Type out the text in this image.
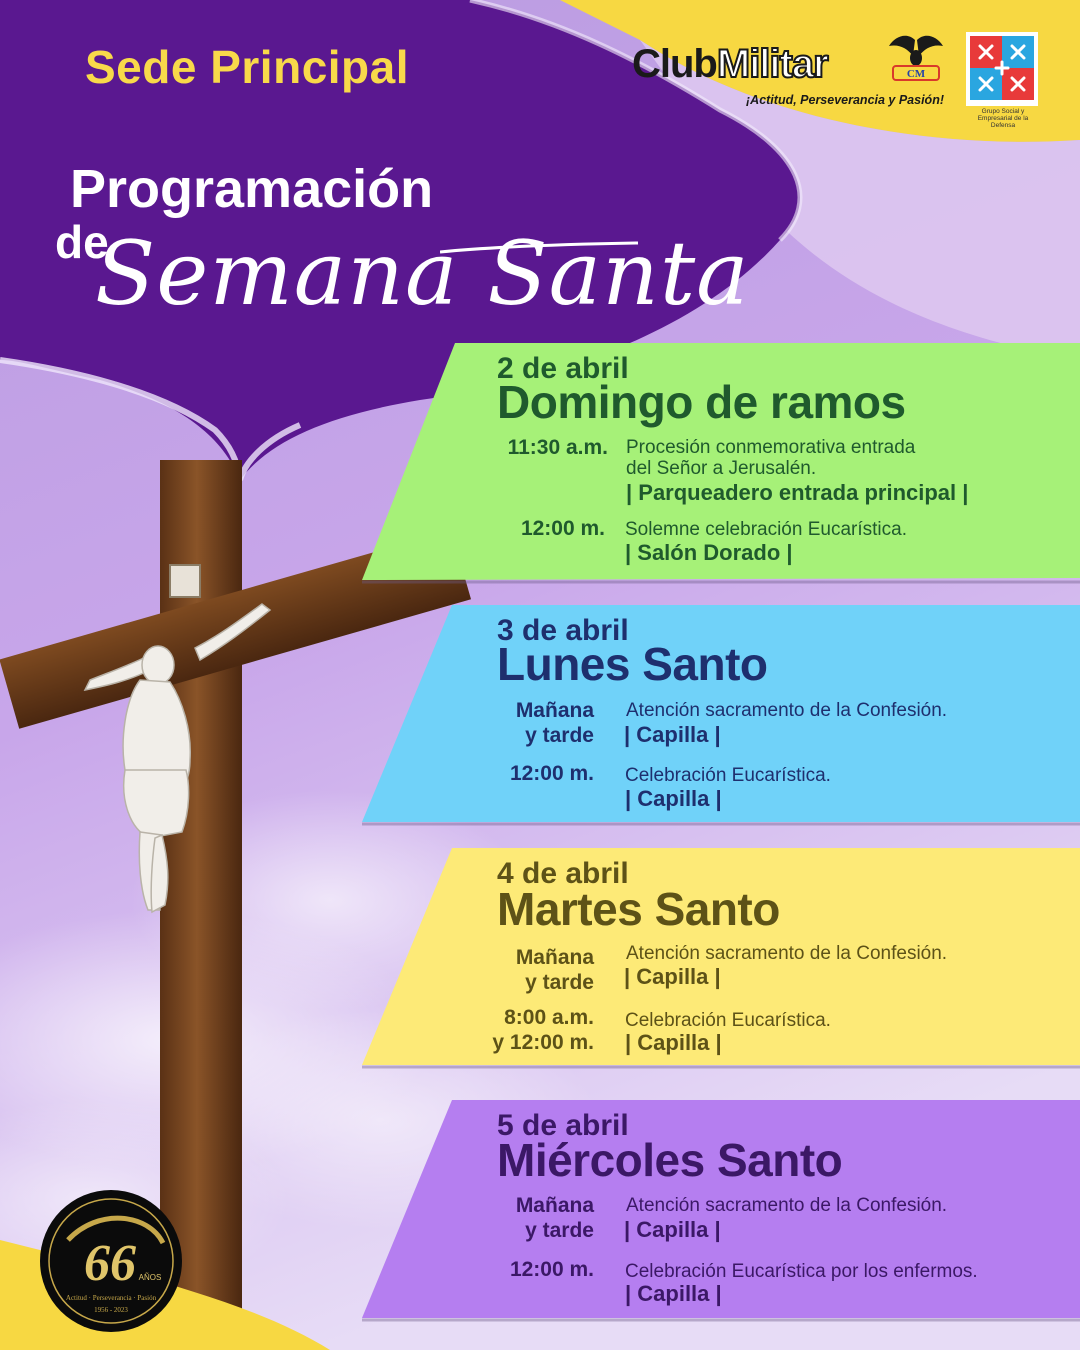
Sede Principal
Programación
de
Semana Santa
ClubMilitar	CM
¡Actitud, Perseverancia y Pasión!
Grupo Social y Empresarial de la Defensa
66 AÑOS
Actitud · Perseverancia · Pasión
1956 - 2023
2 de abril
Domingo de ramos
11:30 a.m. Procesión conmemorativa entrada
del Señor a Jerusalén.
| Parqueadero entrada principal |
12:00 m. Solemne celebración Eucarística.
| Salón Dorado |
3 de abril
Lunes Santo
Mañana
y tarde
Atención sacramento de la Confesión.
| Capilla |
12:00 m. Celebración Eucarística.
| Capilla |
4 de abril
Martes Santo
Mañana
y tarde
Atención sacramento de la Confesión.
| Capilla |
8:00 a.m.
y 12:00 m.
Celebración Eucarística.
| Capilla |
5 de abril
Miércoles Santo
Mañana
y tarde
Atención sacramento de la Confesión.
| Capilla |
12:00 m. Celebración Eucarística por los enfermos.
| Capilla |
